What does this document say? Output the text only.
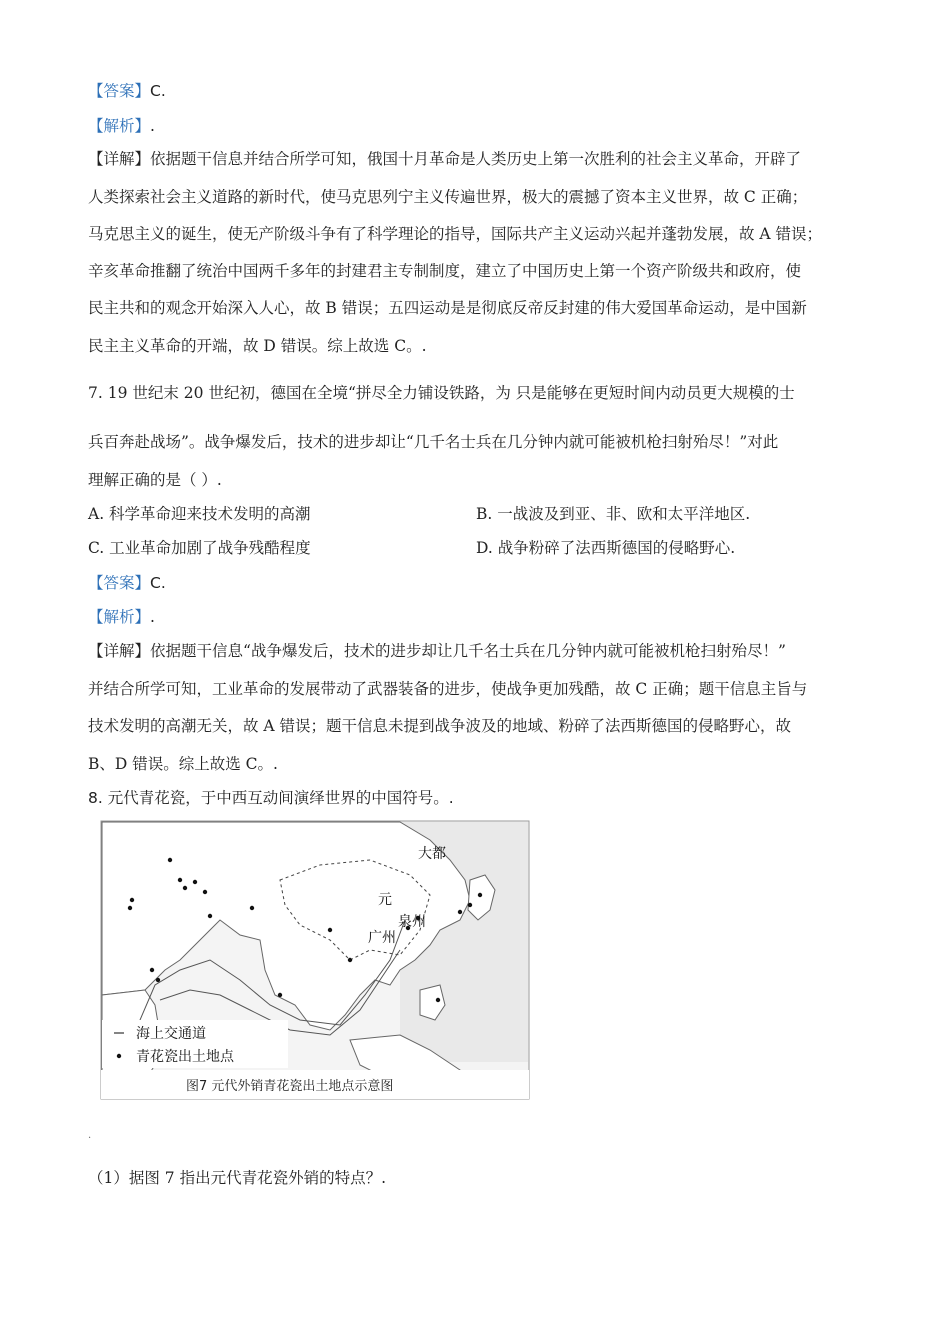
【答案】C.
【解析】.
【详解】依据题干信息并结合所学可知，俄国十月革命是人类历史上第一次胜利的社会主义革命，开辟了
人类探索社会主义道路的新时代，使马克思列宁主义传遍世界，极大的震撼了资本主义世界，故 C 正确；
马克思主义的诞生，使无产阶级斗争有了科学理论的指导，国际共产主义运动兴起并蓬勃发展，故 A 错误；
辛亥革命推翻了统治中国两千多年的封建君主专制制度，建立了中国历史上第一个资产阶级共和政府，使
民主共和的观念开始深入人心，故 B 错误；五四运动是是彻底反帝反封建的伟大爱国革命运动，是中国新
民主主义革命的开端，故 D 错误。综上故选 C。.
7. 19 世纪末 20 世纪初，德国在全境“拼尽全力铺设铁路，为 只是能够在更短时间内动员更大规模的士
兵百奔赴战场”。战争爆发后，技术的进步却让“几千名士兵在几分钟内就可能被机枪扫射殆尽！”对此
理解正确的是（ ）.
A. 科学革命迎来技术发明的高潮	B. 一战波及到亚、非、欧和太平洋地区.
C. 工业革命加剧了战争残酷程度	D. 战争粉碎了法西斯德国的侵略野心.
【答案】C.
【解析】.
【详解】依据题干信息“战争爆发后，技术的进步却让几千名士兵在几分钟内就可能被机枪扫射殆尽！”
并结合所学可知，工业革命的发展带动了武器装备的进步，使战争更加残酷，故 C 正确；题干信息主旨与
技术发明的高潮无关，故 A 错误；题干信息未提到战争波及的地域、粉碎了法西斯德国的侵略野心，故
B、D 错误。综上故选 C。.
8. 元代青花瓷，于中西互动间演绎世界的中国符号。.
大都
元
泉州
广州
海上交通道
青花瓷出土地点
图7 元代外销青花瓷出土地点示意图
.
（1）据图 7 指出元代青花瓷外销的特点？.
